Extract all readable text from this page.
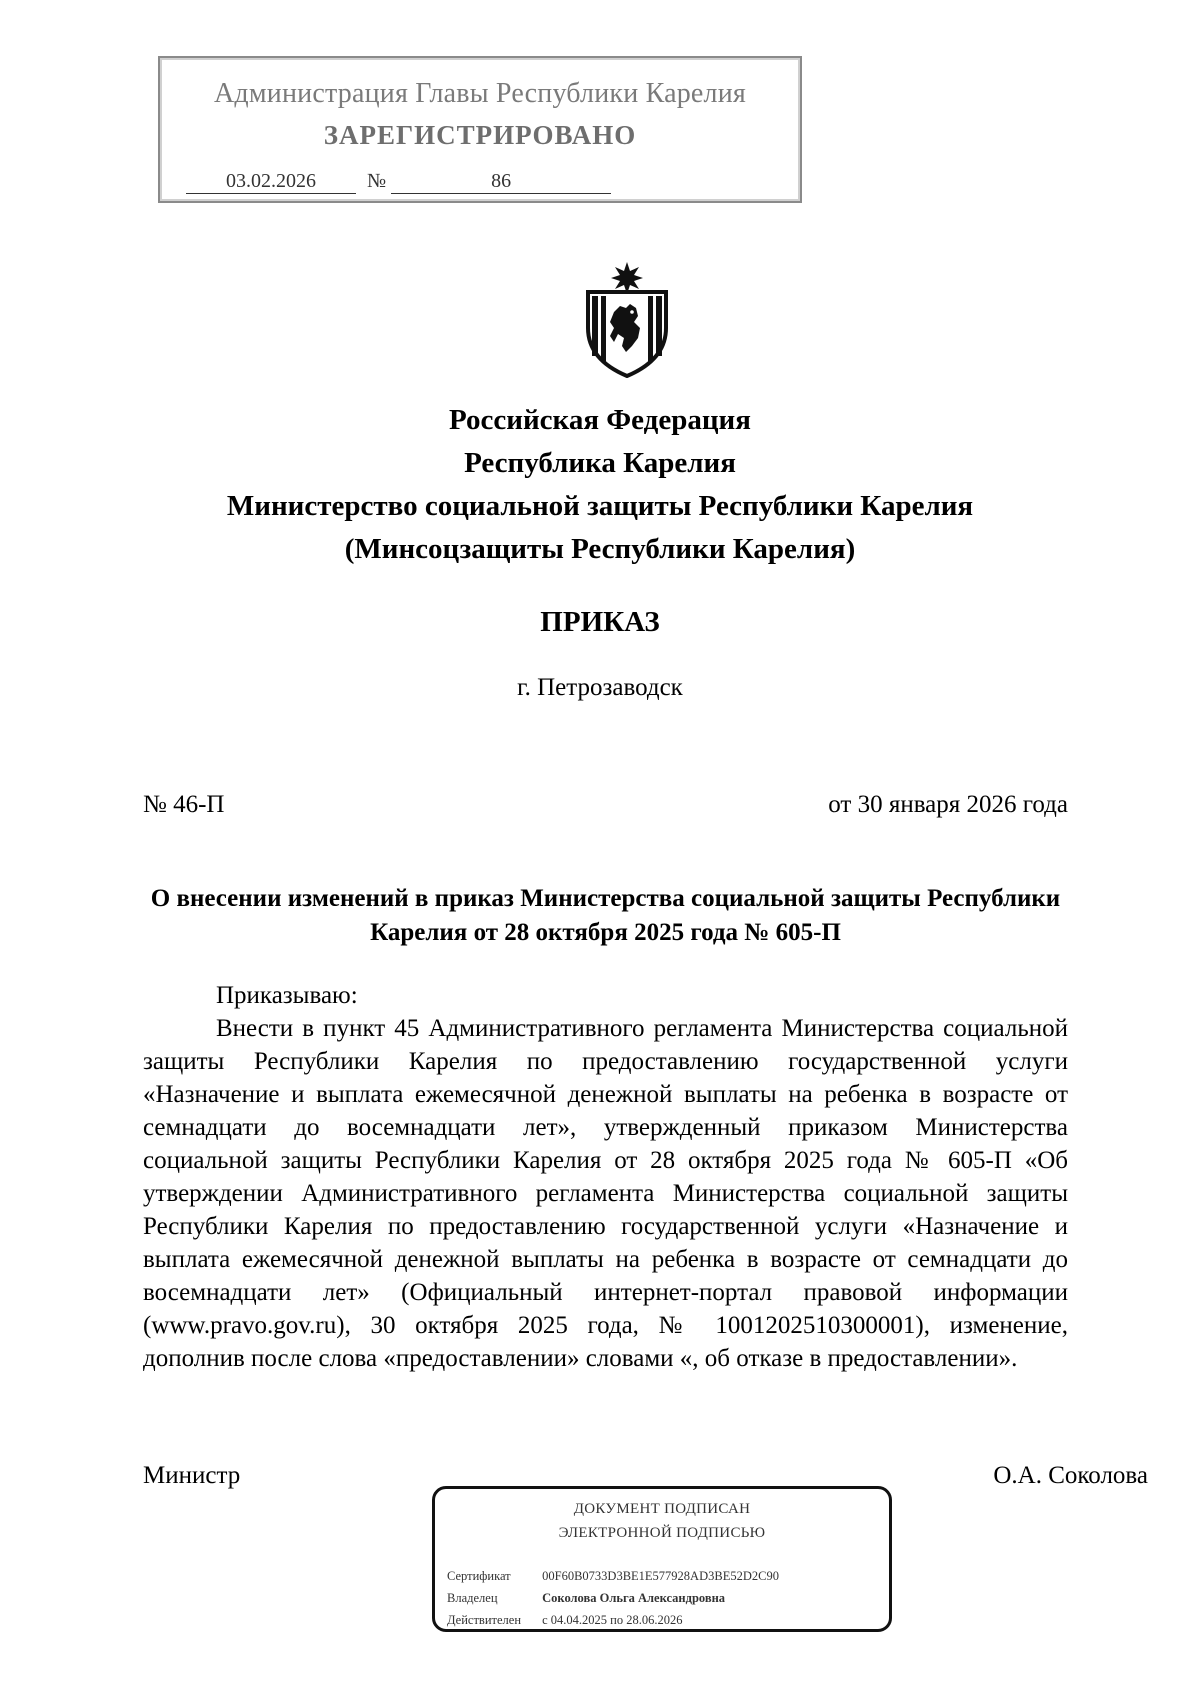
Администрация Главы Республики Карелия
ЗАРЕГИСТРИРОВАНО
03.02.2026	№	86
Российская Федерация
Республика Карелия
Министерство социальной защиты Республики Карелия
(Минсоцзащиты Республики Карелия)
ПРИКАЗ
г. Петрозаводск
№ 46-П	от 30 января 2026 года
О внесении изменений в приказ Министерства социальной защиты Республики Карелия от 28 октября 2025 года № 605-П
Приказываю:
Внести в пункт 45 Административного регламента Министерства социальной защиты Республики Карелия по предоставлению государственной услуги «Назначение и выплата ежемесячной денежной выплаты на ребенка в возрасте от семнадцати до восемнадцати лет», утвержденный приказом Министерства социальной защиты Республики Карелия от 28 октября 2025 года № 605-П «Об утверждении Административного регламента Министерства социальной защиты Республики Карелия по предоставлению государственной услуги «Назначение и выплата ежемесячной денежной выплаты на ребенка в возрасте от семнадцати до восемнадцати лет» (Официальный интернет-портал правовой информации (www.pravo.gov.ru), 30 октября 2025 года, № 1001202510300001), изменение, дополнив после слова «предоставлении» словами «, об отказе в предоставлении».
Министр	О.А. Соколова
ДОКУМЕНТ ПОДПИСАН
ЭЛЕКТРОННОЙ ПОДПИСЬЮ
Сертификат	00F60B0733D3BE1E577928AD3BE52D2C90
Владелец	Соколова Ольга Александровна
Действителен с 04.04.2025 по 28.06.2026
